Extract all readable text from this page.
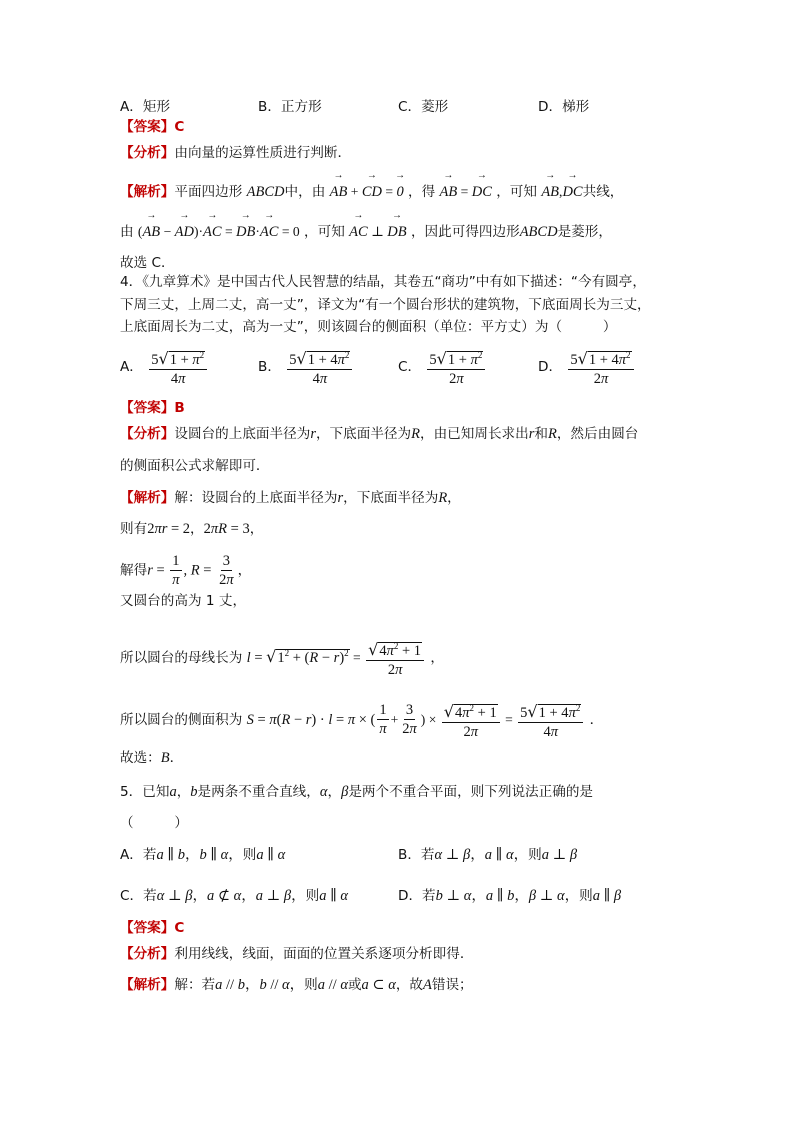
A．矩形	B．正方形	C．菱形	D．梯形
【答案】C
【分析】由向量的运算性质进行判断．
【解析】平面四边形 ABCD中，由 → AB + → CD = → 0 ，得 → AB = → DC ，可知 → AB,→ DC共线，
由 (→ AB − → AD)·→ AC = → DB·→ AC = 0 ，可知 → AC ⊥ → DB ，因此可得四边形ABCD是菱形，
故选 C．
4．《九章算术》是中国古代人民智慧的结晶，其卷五“商功”中有如下描述：“今有圆亭，
下周三丈，上周二丈，高一丈”，译文为“有一个圆台形状的建筑物，下底面周长为三丈，
上底面周长为二丈，高为一丈”，则该圆台的侧面积（单位：平方丈）为（　　　）
A． $\frac{5√1 + \pi^2}{4\pi}$	B． $\frac{5√1 + 4\pi^2}{4\pi}$	C． $\frac{5√1 + \pi^2}{2\pi}$	D． $\frac{5√1 + 4\pi^2}{2\pi}$
【答案】B
【分析】设圆台的上底面半径为r，下底面半径为R，由已知周长求出r和R，然后由圆台
的侧面积公式求解即可．
【解析】解：设圆台的上底面半径为r，下底面半径为R，
则有2πr = 2，2πR = 3，
解得$r = \frac{1}{\pi}$ , $R = \frac{3}{2\pi}$ ，
又圆台的高为 1 丈，
所以圆台的母线长为 $l = √1^2 + (R - r)^2 = \frac{√4\pi^2 + 1}{2\pi}$ ，
所以圆台的侧面积为 S = π(R − r) · l = π × ( $\frac{1}{\pi} + \frac{3}{2\pi}$ ) × $\frac{√4\pi^2 + 1}{2\pi} = \frac{5√1 + 4\pi^2}{4\pi}$ ．
故选：B．
5．已知a，b是两条不重合直线，α，β是两个不重合平面，则下列说法正确的是
（　　　）
A．若a ∥ b，b ∥ α，则a ∥ α	B．若α ⊥ β，a ∥ α，则a ⊥ β
C．若α ⊥ β，a ⊄ α，a ⊥ β，则a ∥ α	D．若b ⊥ α，a ∥ b，β ⊥ α，则a ∥ β
【答案】C
【分析】利用线线，线面，面面的位置关系逐项分析即得．
【解析】解：若a // b，b // α，则a // α或a ⊂ α，故A错误；
